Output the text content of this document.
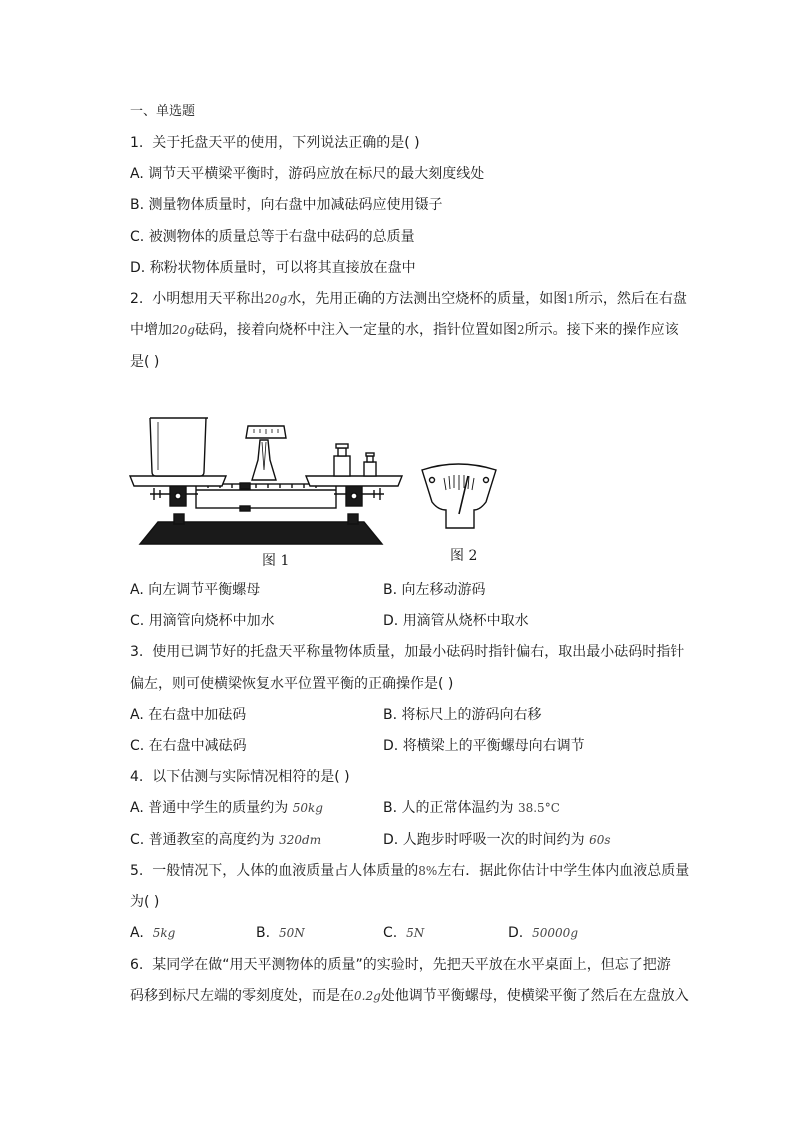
一、单选题
1. 关于托盘天平的使用，下列说法正确的是( )
A. 调节天平横梁平衡时，游码应放在标尺的最大刻度线处
B. 测量物体质量时，向右盘中加减砝码应使用镊子
C. 被测物体的质量总等于右盘中砝码的总质量
D. 称粉状物体质量时，可以将其直接放在盘中
2. 小明想用天平称出20g水，先用正确的方法测出空烧杯的质量，如图1所示，然后在右盘
中增加20g砝码，接着向烧杯中注入一定量的水，指针位置如图2所示。接下来的操作应该
是( )
图 1	图 2
A. 向左调节平衡螺母	B. 向左移动游码
C. 用滴管向烧杯中加水	D. 用滴管从烧杯中取水
3. 使用已调节好的托盘天平称量物体质量，加最小砝码时指针偏右，取出最小砝码时指针
偏左，则可使横梁恢复水平位置平衡的正确操作是( )
A. 在右盘中加砝码	B. 将标尺上的游码向右移
C. 在右盘中减砝码	D. 将横梁上的平衡螺母向右调节
4. 以下估测与实际情况相符的是( )
A. 普通中学生的质量约为 50kg	B. 人的正常体温约为 38.5°C
C. 普通教室的高度约为 320dm	D. 人跑步时呼吸一次的时间约为 60s
5. 一般情况下，人体的血液质量占人体质量的8%左右．据此你估计中学生体内血液总质量
为( )
A. 5kg	B. 50N	C. 5N	D. 50000g
6. 某同学在做“用天平测物体的质量”的实验时，先把天平放在水平桌面上，但忘了把游
码移到标尺左端的零刻度处，而是在0.2g处他调节平衡螺母，使横梁平衡了然后在左盘放入
